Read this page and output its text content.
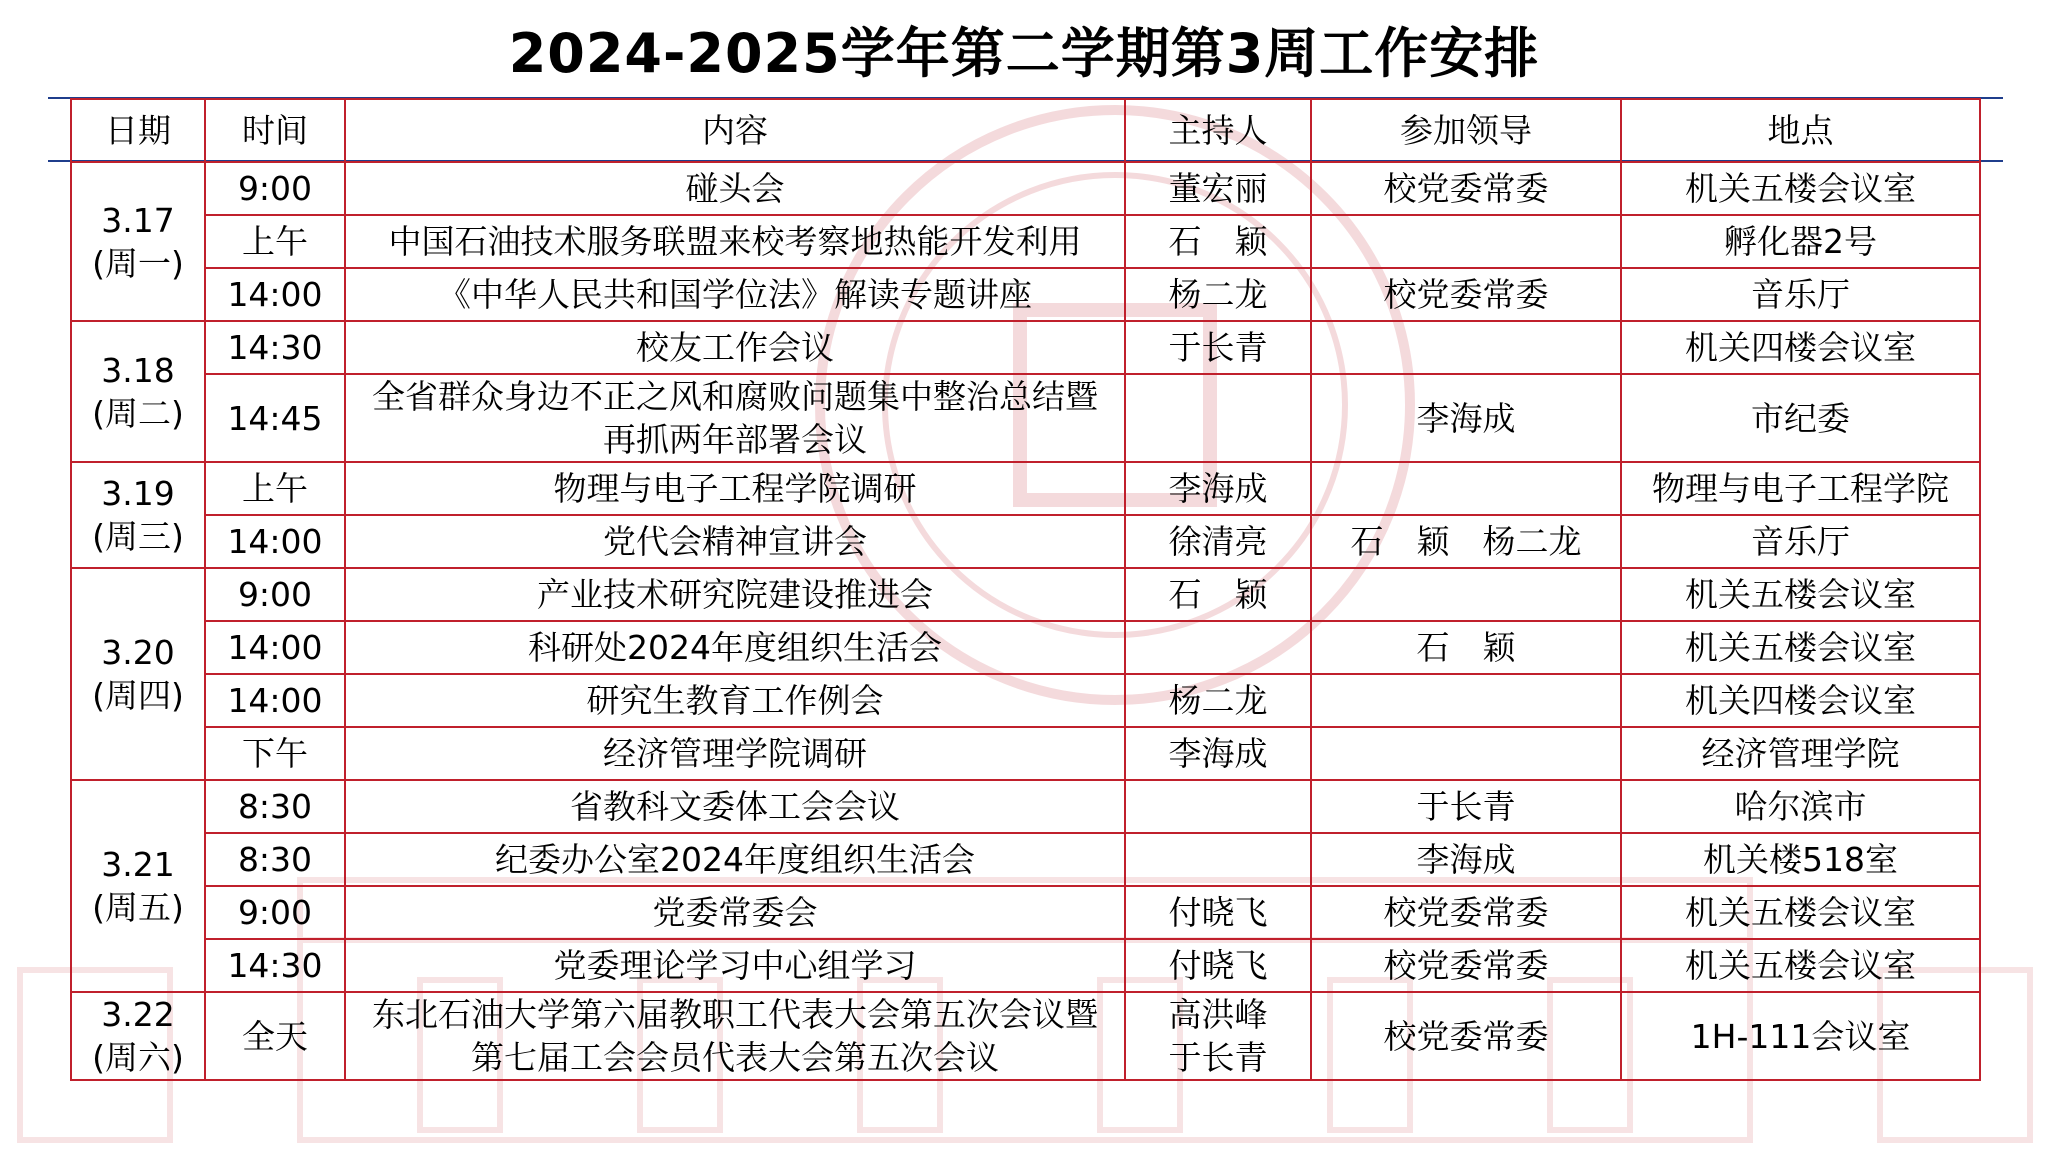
2024-2025学年第二学期第3周工作安排
日期	时间	内容	主持人	参加领导	地点
3.17
(周一)	9:00	碰头会	董宏丽	校党委常委	机关五楼会议室
	上午	中国石油技术服务联盟来校考察地热能开发利用	石　颖		孵化器2号
	14:00	《中华人民共和国学位法》解读专题讲座	杨二龙	校党委常委	音乐厅
3.18
(周二)	14:30	校友工作会议	于长青		机关四楼会议室
	14:45	全省群众身边不正之风和腐败问题集中整治总结暨
再抓两年部署会议		李海成	市纪委
3.19
(周三)	上午	物理与电子工程学院调研	李海成		物理与电子工程学院
	14:00	党代会精神宣讲会	徐清亮	石　颖　杨二龙	音乐厅
3.20
(周四)	9:00	产业技术研究院建设推进会	石　颖		机关五楼会议室
	14:00	科研处2024年度组织生活会		石　颖	机关五楼会议室
	14:00	研究生教育工作例会	杨二龙		机关四楼会议室
	下午	经济管理学院调研	李海成		经济管理学院
3.21
(周五)	8:30	省教科文委体工会会议		于长青	哈尔滨市
	8:30	纪委办公室2024年度组织生活会		李海成	机关楼518室
	9:00	党委常委会	付晓飞	校党委常委	机关五楼会议室
	14:30	党委理论学习中心组学习	付晓飞	校党委常委	机关五楼会议室
3.22
(周六)	全天	东北石油大学第六届教职工代表大会第五次会议暨
第七届工会会员代表大会第五次会议	高洪峰
于长青	校党委常委	1H-111会议室
